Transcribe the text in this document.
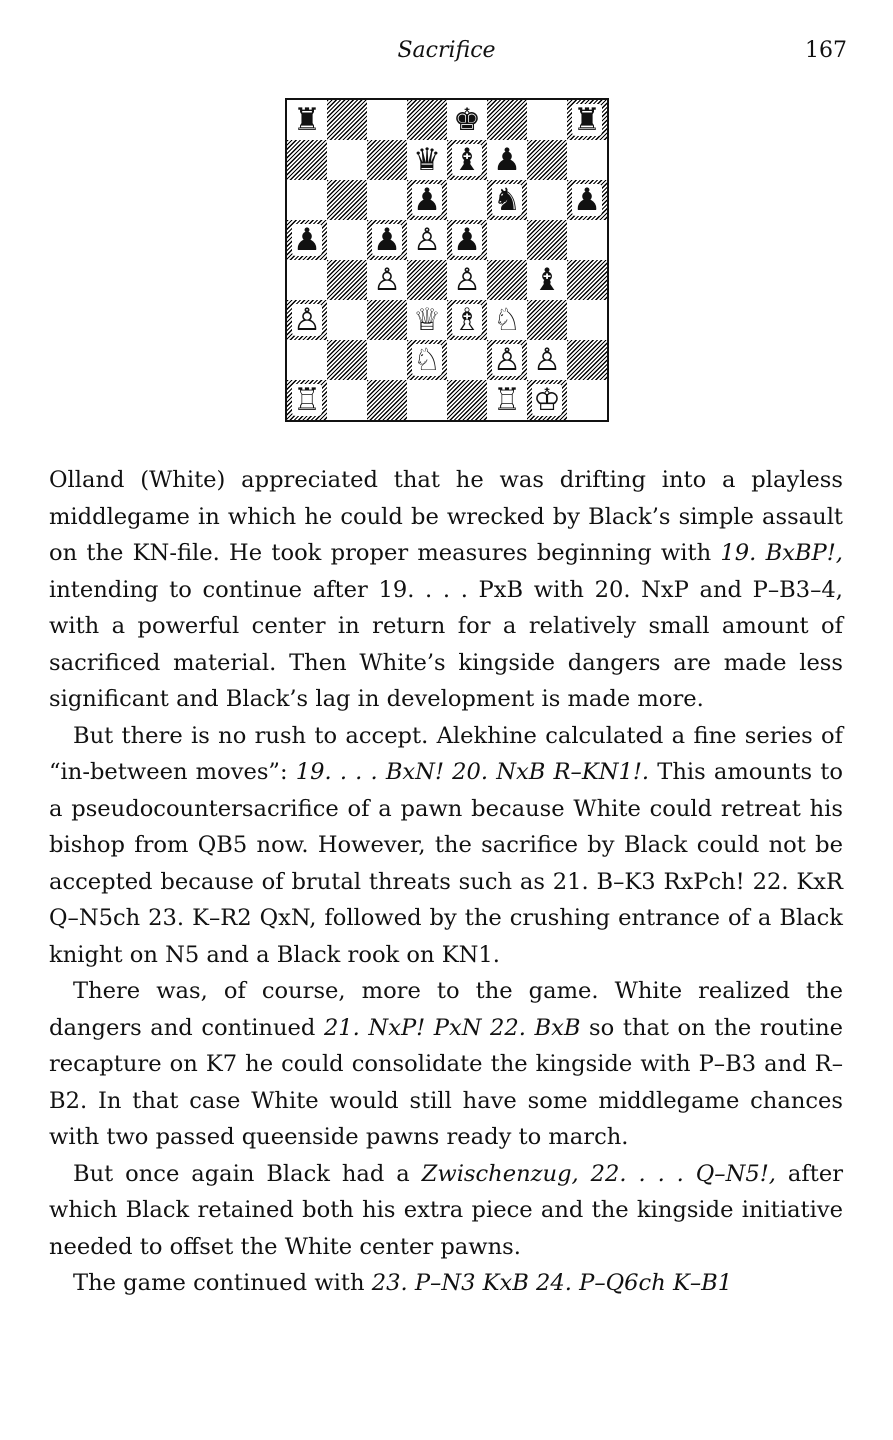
Sacrifice	167
♜	♚	♜
♛ ♝ ♟
♟ ♞ ♟
♟ ♟ ♙ ♟
♙ ♙ ♝
♙	♕ ♗ ♘
♘ ♙ ♙
♖	♖ ♔

Olland (White) appreciated that he was drifting into a playless middlegame in which he could be wrecked by Black’s simple assault on the KN-file. He took proper measures beginning with 19. BxBP!, intending to continue after 19. . . . PxB with 20. NxP and P–B3–4, with a powerful center in return for a relatively small amount of sacrificed material. Then White’s kingside dangers are made less significant and Black’s lag in development is made more.

But there is no rush to accept. Alekhine calculated a fine series of “in-between moves”: 19. . . . BxN! 20. NxB R–KN1!. This amounts to a pseudocountersacrifice of a pawn because White could retreat his bishop from QB5 now. However, the sacrifice by Black could not be accepted because of brutal threats such as 21. B–K3 RxPch! 22. KxR Q–N5ch 23. K–R2 QxN, followed by the crushing entrance of a Black knight on N5 and a Black rook on KN1.

There was, of course, more to the game. White realized the dangers and continued 21. NxP! PxN 22. BxB so that on the routine recapture on K7 he could consolidate the kingside with P–B3 and R–B2. In that case White would still have some middlegame chances with two passed queenside pawns ready to march.

But once again Black had a Zwischenzug, 22. . . . Q–N5!, after which Black retained both his extra piece and the kingside initiative needed to offset the White center pawns.

The game continued with 23. P–N3 KxB 24. P–Q6ch K–B1
